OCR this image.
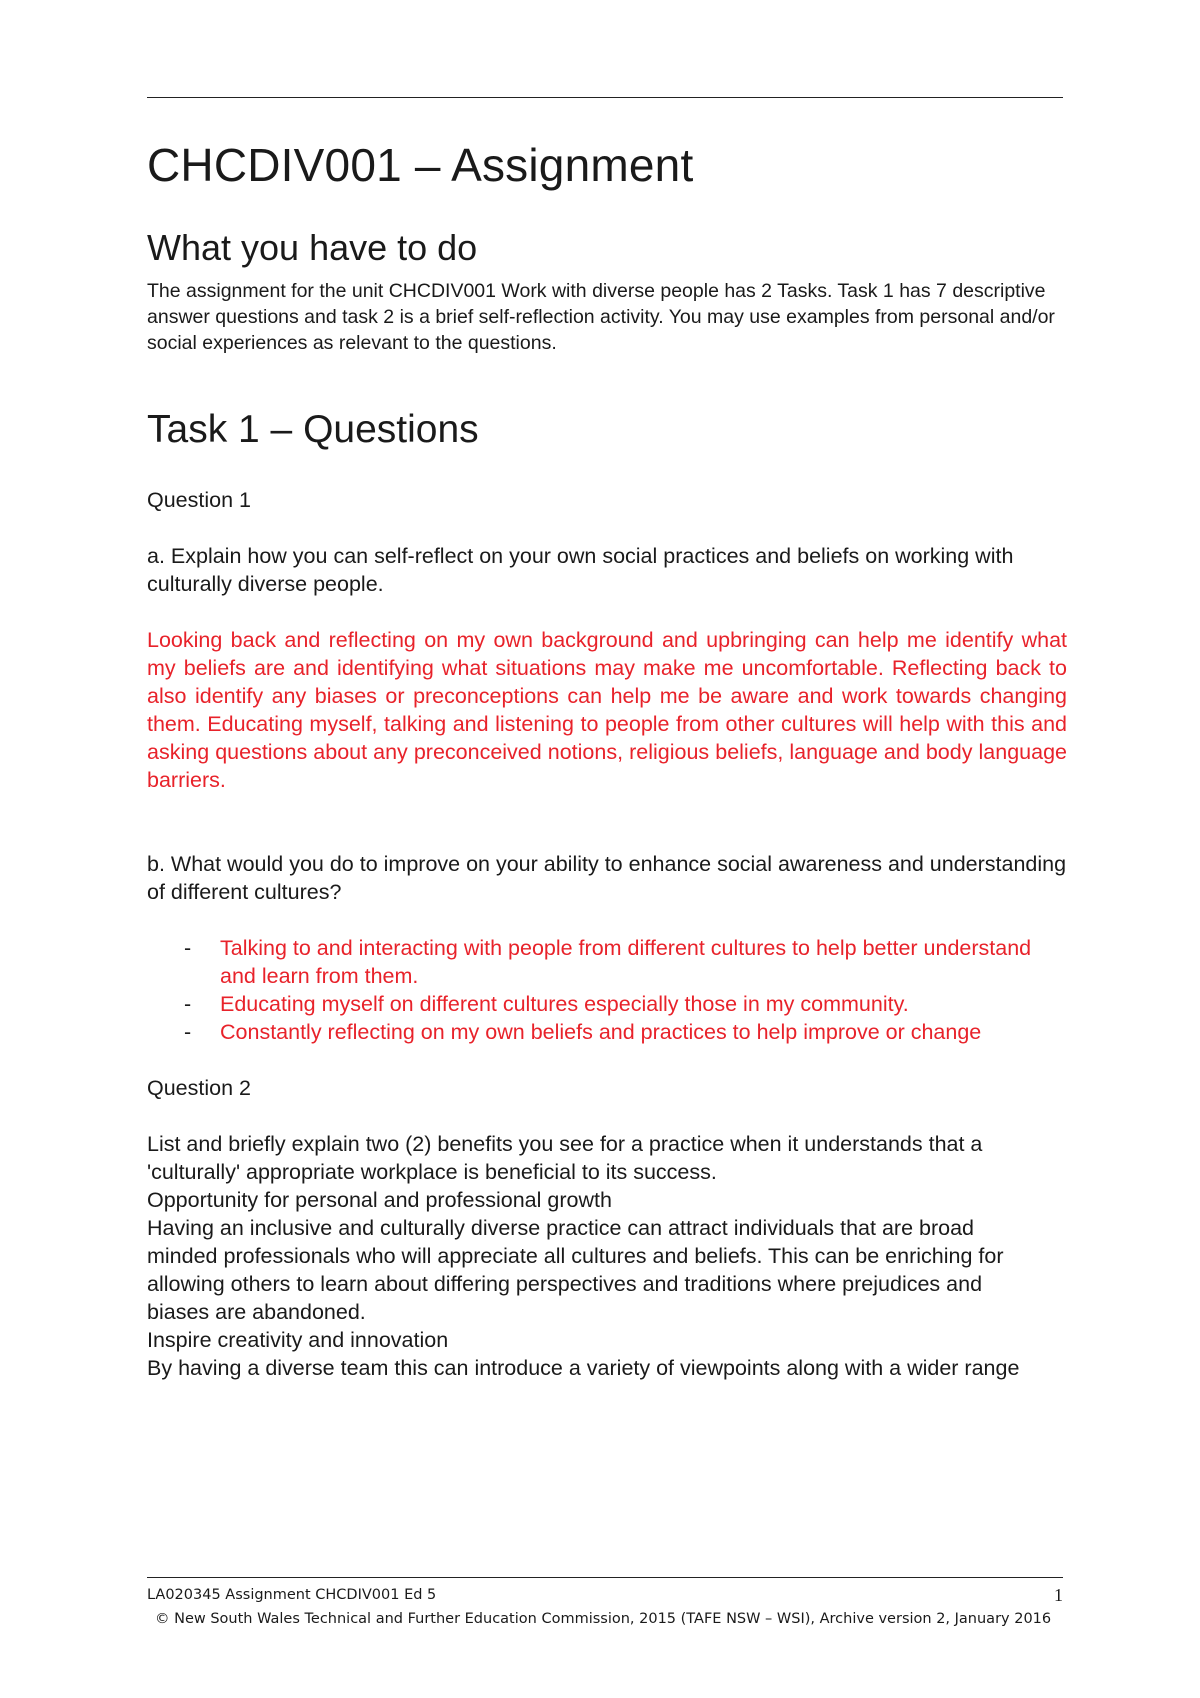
CHCDIV001 – Assignment
What you have to do

The assignment for the unit CHCDIV001 Work with diverse people has 2 Tasks. Task 1 has 7 descriptive answer questions and task 2 is a brief self-reflection activity. You may use examples from personal and/or social experiences as relevant to the questions.

Task 1 – Questions

Question 1

a. Explain how you can self-reflect on your own social practices and beliefs on working with culturally diverse people.

Looking back and reflecting on my own background and upbringing can help me identify what my beliefs are and identifying what situations may make me uncomfortable. Reflecting back to also identify any biases or preconceptions can help me be aware and work towards changing them. Educating myself, talking and listening to people from other cultures will help with this and asking questions about any preconceived notions, religious beliefs, language and body language barriers.

b. What would you do to improve on your ability to enhance social awareness and understanding of different cultures?

- Talking to and interacting with people from different cultures to help better understand and learn from them.
- Educating myself on different cultures especially those in my community.
- Constantly reflecting on my own beliefs and practices to help improve or change

Question 2

List and briefly explain two (2) benefits you see for a practice when it understands that a 'culturally' appropriate workplace is beneficial to its success.

Opportunity for personal and professional growth

Having an inclusive and culturally diverse practice can attract individuals that are broad

minded professionals who will appreciate all cultures and beliefs. This can be enriching for

allowing others to learn about differing perspectives and traditions where prejudices and

biases are abandoned.

Inspire creativity and innovation

By having a diverse team this can introduce a variety of viewpoints along with a wider range

LA020345 Assignment CHCDIV001 Ed 5	1
© New South Wales Technical and Further Education Commission, 2015 (TAFE NSW – WSI), Archive version 2, January 2016
